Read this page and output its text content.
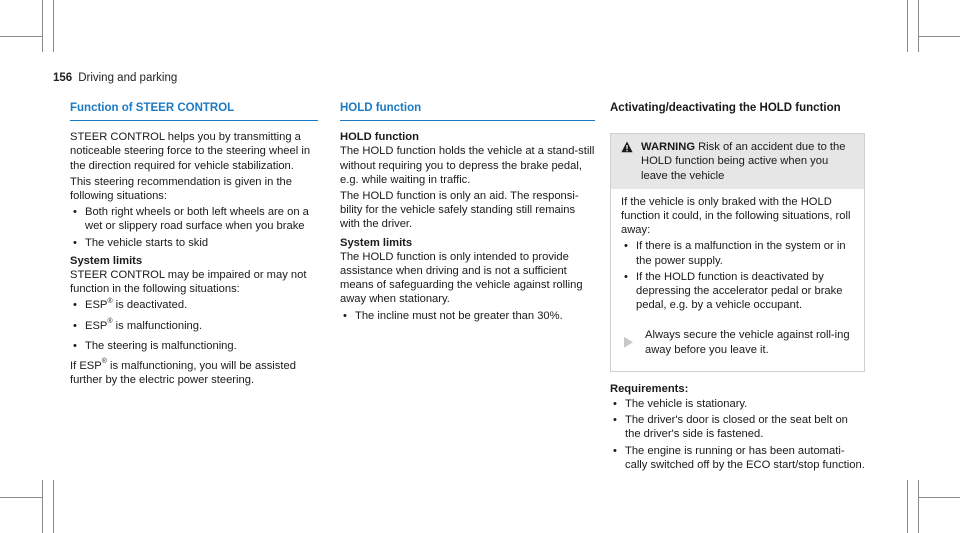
156 Driving and parking
Function of STEER CONTROL

STEER CONTROL helps you by transmitting a noticeable steering force to the steering wheel in the direction required for vehicle stabilization.

This steering recommendation is given in the following situations:

• Both right wheels or both left wheels are on a wet or slippery road surface when you brake
• The vehicle starts to skid
System limits

STEER CONTROL may be impaired or may not function in the following situations:

• ESP® is deactivated.
• ESP® is malfunctioning.
• The steering is malfunctioning.

If ESP® is malfunctioning, you will be assisted further by the electric power steering.

HOLD function
HOLD function

The HOLD function holds the vehicle at a stand-still without requiring you to depress the brake pedal, e.g. while waiting in traffic.

The HOLD function is only an aid. The responsi-bility for the vehicle safely standing still remains with the driver.

System limits

The HOLD function is only intended to provide assistance when driving and is not a sufficient means of safeguarding the vehicle against rolling away when stationary.

• The incline must not be greater than 30%.
Activating/deactivating the HOLD function
WARNING Risk of an accident due to the HOLD function being active when you leave the vehicle

If the vehicle is only braked with the HOLD function it could, in the following situations, roll away:

• If there is a malfunction in the system or in the power supply.
• If the HOLD function is deactivated by depressing the accelerator pedal or brake pedal, e.g. by a vehicle occupant.
Always secure the vehicle against roll-ing away before you leave it.
Requirements:
• The vehicle is stationary.
• The driver's door is closed or the seat belt on the driver's side is fastened.
• The engine is running or has been automati-cally switched off by the ECO start/stop function.
